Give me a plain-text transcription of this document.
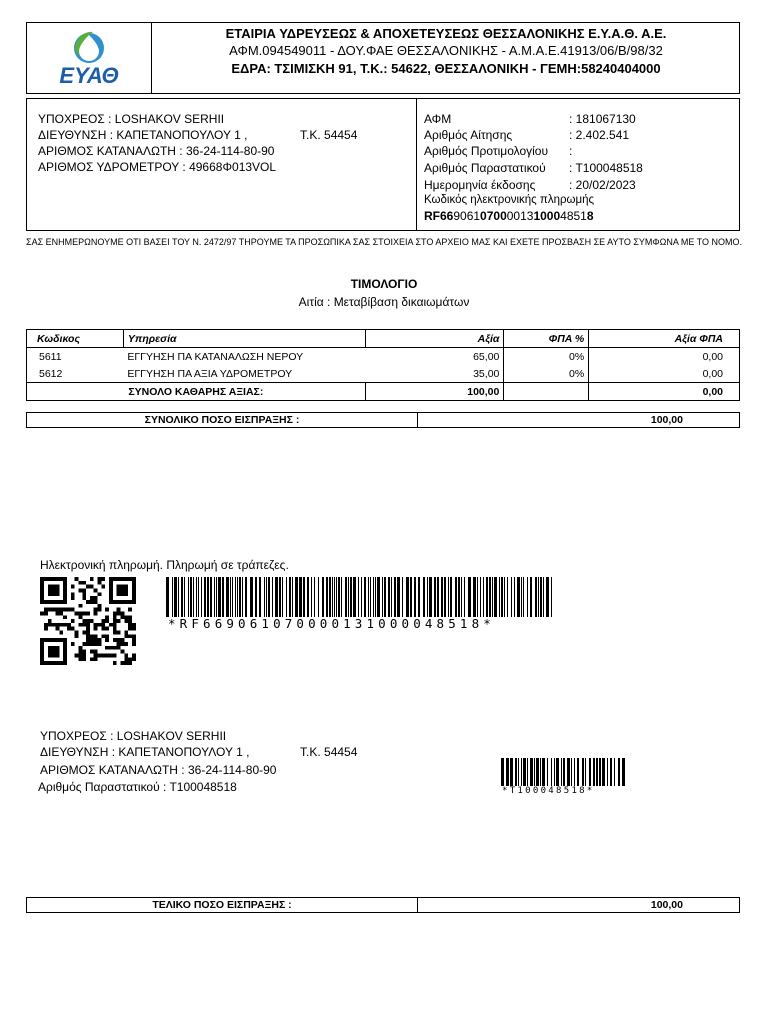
ΕΥΑΘ
ΕΤΑΙΡΙΑ ΥΔΡΕΥΣΕΩΣ & ΑΠΟΧΕΤΕΥΣΕΩΣ ΘΕΣΣΑΛΟΝΙΚΗΣ Ε.Υ.Α.Θ. Α.Ε.
ΑΦΜ.094549011 - ΔΟΥ.ΦΑΕ ΘΕΣΣΑΛΟΝΙΚΗΣ - Α.Μ.Α.Ε.41913/06/Β/98/32
ΕΔΡΑ: ΤΣΙΜΙΣΚΗ 91, Τ.Κ.: 54622, ΘΕΣΣΑΛΟΝΙΚΗ - ΓΕΜΗ:58240404000
ΥΠΟΧΡΕΟΣ : LOSHAKOV SERHII
ΔΙΕΥΘΥΝΣΗ : ΚΑΠΕΤΑΝΟΠΟΥΛΟΥ 1 ,	Τ.Κ. 54454
ΑΡΙΘΜΟΣ ΚΑΤΑΝΑΛΩΤΗ : 36-24-114-80-90
ΑΡΙΘΜΟΣ ΥΔΡΟΜΕΤΡΟΥ : 49668Φ013VOL
ΑΦΜ	: 181067130
Αριθμός Αίτησης	: 2.402.541
Αριθμός Προτιμολογίου :
Αριθμός Παραστατικού : Τ100048518
Ημερομηνία έκδοσης	: 20/02/2023
Κωδικός ηλεκτρονικής πληρωμής
RF66906107000013100048518
ΣΑΣ ΕΝΗΜΕΡΩΝΟΥΜΕ ΟΤΙ ΒΑΣΕΙ ΤΟΥ Ν. 2472/97 ΤΗΡΟΥΜΕ ΤΑ ΠΡΟΣΩΠΙΚΑ ΣΑΣ ΣΤΟΙΧΕΙΑ ΣΤΟ ΑΡΧΕΙΟ ΜΑΣ ΚΑΙ ΕΧΕΤΕ ΠΡΟΣΒΑΣΗ ΣΕ ΑΥΤΟ ΣΥΜΦΩΝΑ ΜΕ ΤΟ ΝΟΜΟ.
ΤΙΜΟΛΟΓΙΟ
Αιτία : Μεταβίβαση δικαιωμάτων
Κωδικος	Υπηρεσία	Αξία	ΦΠΑ %	Αξία ΦΠΑ
5611	ΕΓΓΥΗΣΗ ΠΑ ΚΑΤΑΝΑΛΩΣΗ ΝΕΡΟΥ	65,00	0%	0,00
5612	ΕΓΓΥΗΣΗ ΠΑ ΑΞΙΑ ΥΔΡΟΜΕΤΡΟΥ	35,00	0%	0,00
ΣΥΝΟΛΟ ΚΑΘΑΡΗΣ ΑΞΙΑΣ:		100,00		0,00
ΣΥΝΟΛΙΚΟ ΠΟΣΟ ΕΙΣΠΡΑΞΗΣ :	100,00
Ηλεκτρονική πληρωμή. Πληρωμή σε τράπεζες.
*RF669061070000131000048518*
ΥΠΟΧΡΕΟΣ : LOSHAKOV SERHII
ΔΙΕΥΘΥΝΣΗ : ΚΑΠΕΤΑΝΟΠΟΥΛΟΥ 1 ,	Τ.Κ. 54454
ΑΡΙΘΜΟΣ ΚΑΤΑΝΑΛΩΤΗ : 36-24-114-80-90
Αριθμός Παραστατικού : Τ100048518	*T100048518*
ΤΕΛΙΚΟ ΠΟΣΟ ΕΙΣΠΡΑΞΗΣ :	100,00
